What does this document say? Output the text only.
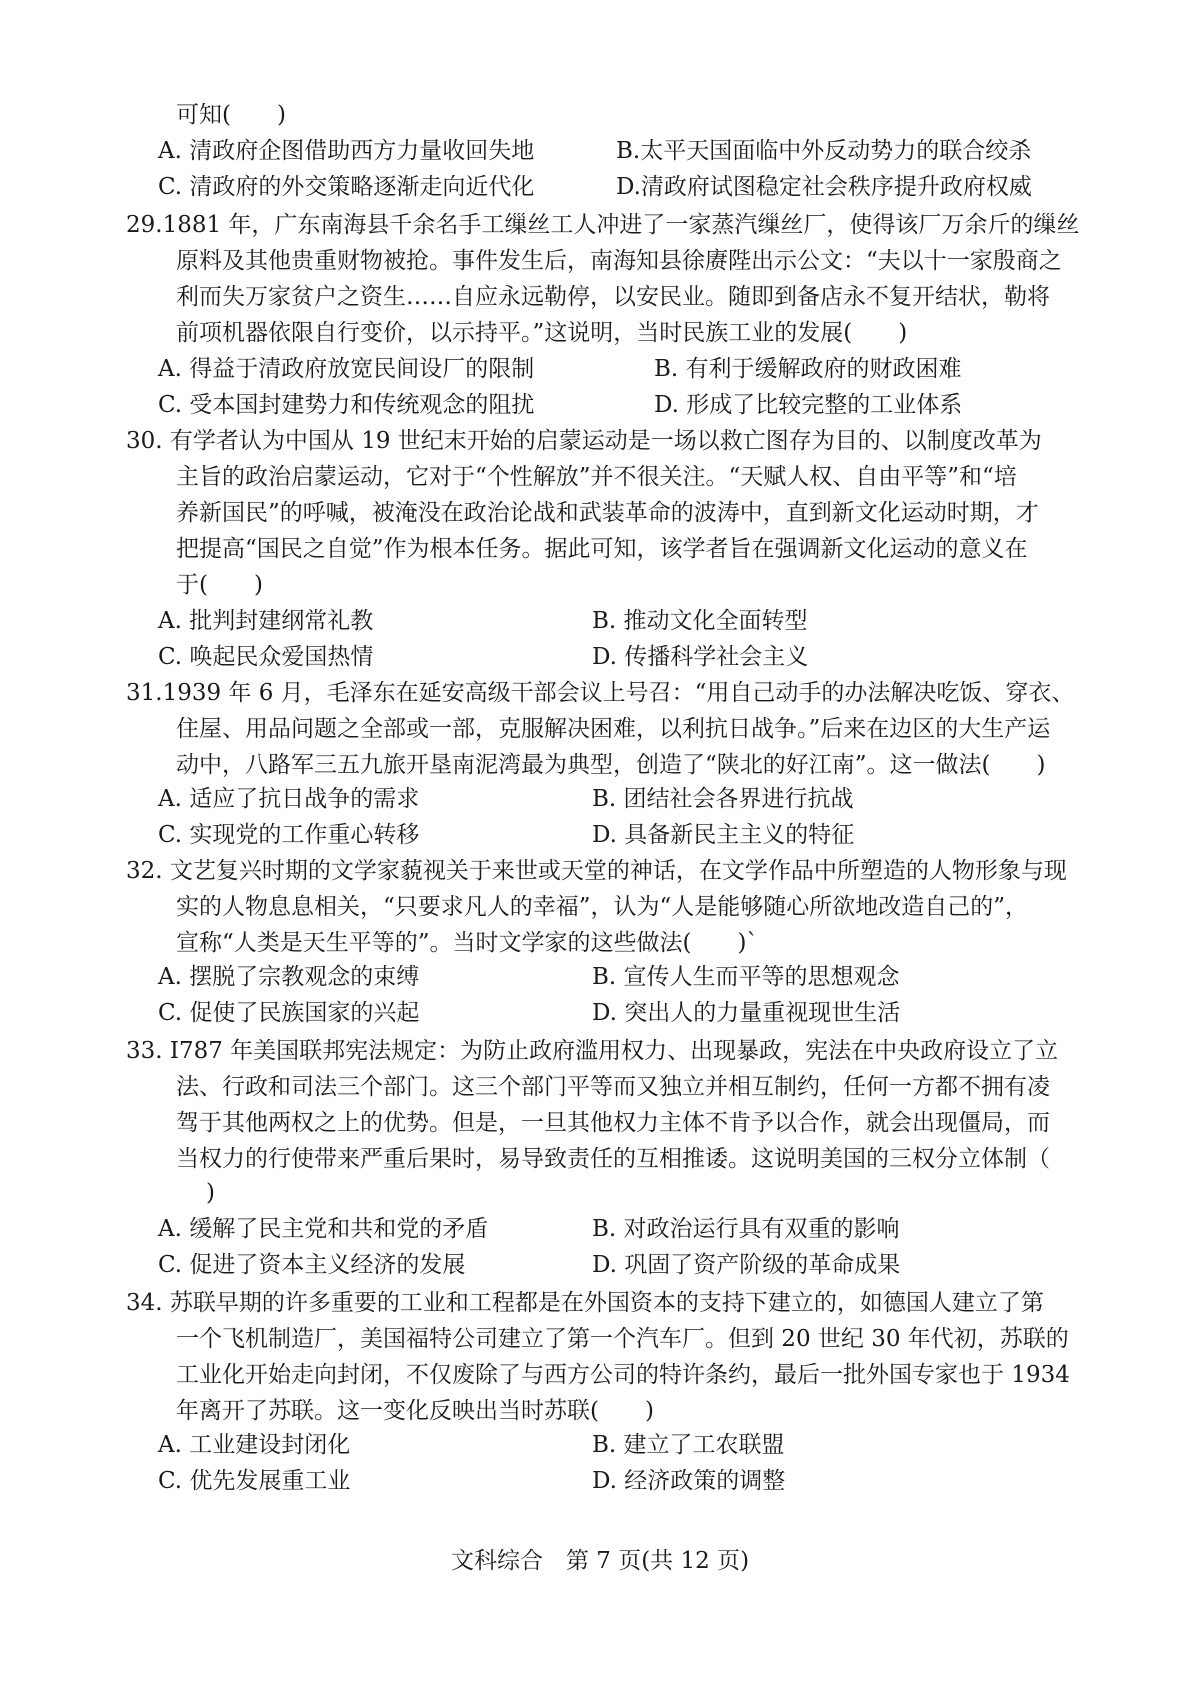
可知(　　)
A. 清政府企图借助西方力量收回失地	B.太平天国面临中外反动势力的联合绞杀
C. 清政府的外交策略逐渐走向近代化	D.清政府试图稳定社会秩序提升政府权威
29.1881 年，广东南海县千余名手工缫丝工人冲进了一家蒸汽缫丝厂，使得该厂万余斤的缫丝
原料及其他贵重财物被抢。事件发生后，南海知县徐赓陛出示公文：“夫以十一家殷商之
利而失万家贫户之资生……自应永远勒停，以安民业。随即到备店永不复开结状，勒将
前项机器依限自行变价，以示持平。”这说明，当时民族工业的发展(　　)
A. 得益于清政府放宽民间设厂的限制	B. 有利于缓解政府的财政困难
C. 受本国封建势力和传统观念的阻扰	D. 形成了比较完整的工业体系
30. 有学者认为中国从 19 世纪末开始的启蒙运动是一场以救亡图存为目的、以制度改革为
主旨的政治启蒙运动，它对于“个性解放”并不很关注。“天赋人权、自由平等”和“培
养新国民”的呼喊，被淹没在政治论战和武装革命的波涛中，直到新文化运动时期，才
把提高“国民之自觉”作为根本任务。据此可知，该学者旨在强调新文化运动的意义在
于(　　)
A. 批判封建纲常礼教	B. 推动文化全面转型
C. 唤起民众爱国热情	D. 传播科学社会主义
31.1939 年 6 月，毛泽东在延安高级干部会议上号召：“用自己动手的办法解决吃饭、穿衣、
住屋、用品问题之全部或一部，克服解决困难，以利抗日战争。”后来在边区的大生产运
动中，八路军三五九旅开垦南泥湾最为典型，创造了“陕北的好江南”。这一做法(　　)
A. 适应了抗日战争的需求	B. 团结社会各界进行抗战
C. 实现党的工作重心转移	D. 具备新民主主义的特征
32. 文艺复兴时期的文学家藐视关于来世或天堂的神话，在文学作品中所塑造的人物形象与现
实的人物息息相关，“只要求凡人的幸福”，认为“人是能够随心所欲地改造自己的”，
宣称“人类是天生平等的”。当时文学家的这些做法(　　)`
A. 摆脱了宗教观念的束缚	B. 宣传人生而平等的思想观念
C. 促使了民族国家的兴起	D. 突出人的力量重视现世生活
33. I787 年美国联邦宪法规定：为防止政府滥用权力、出现暴政，宪法在中央政府设立了立
法、行政和司法三个部门。这三个部门平等而又独立并相互制约，任何一方都不拥有凌
驾于其他两权之上的优势。但是，一旦其他权力主体不肯予以合作，就会出现僵局，而
当权力的行使带来严重后果时，易导致责任的互相推诿。这说明美国的三权分立体制（
)
A. 缓解了民主党和共和党的矛盾	B. 对政治运行具有双重的影响
C. 促进了资本主义经济的发展	D. 巩固了资产阶级的革命成果
34. 苏联早期的许多重要的工业和工程都是在外国资本的支持下建立的，如德国人建立了第
一个飞机制造厂，美国福特公司建立了第一个汽车厂。但到 20 世纪 30 年代初，苏联的
工业化开始走向封闭，不仅废除了与西方公司的特许条约，最后一批外国专家也于 1934
年离开了苏联。这一变化反映出当时苏联(　　)
A. 工业建设封闭化	B. 建立了工农联盟
C. 优先发展重工业	D. 经济政策的调整
文科综合　第 7 页(共 12 页)
